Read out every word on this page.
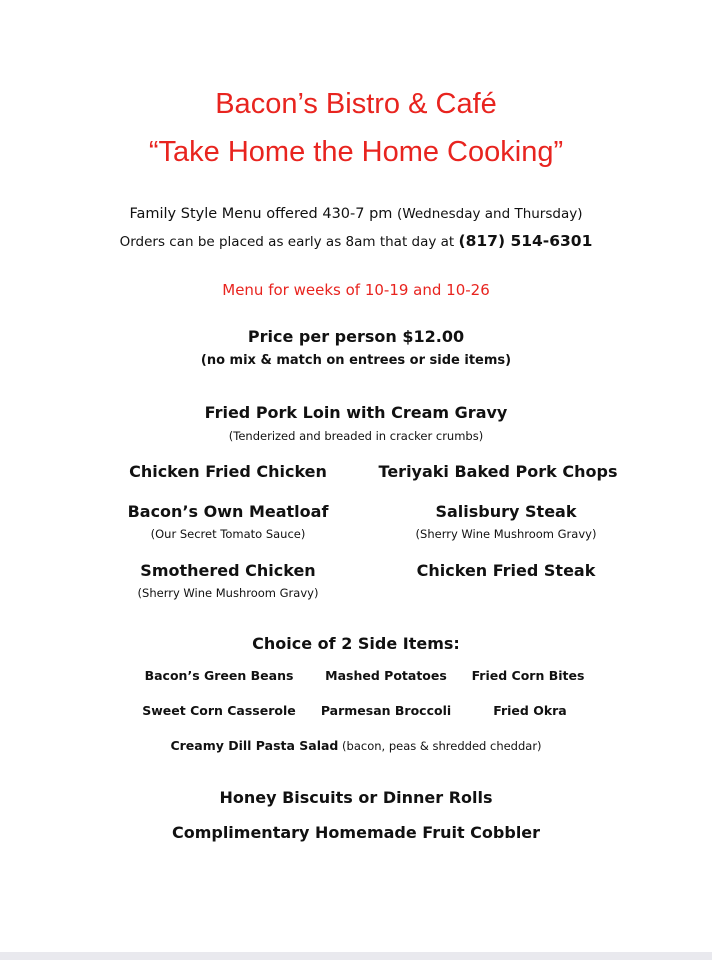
Bacon’s Bistro & Café
“Take Home the Home Cooking”
Family Style Menu offered 430-7 pm (Wednesday and Thursday)
Orders can be placed as early as 8am that day at (817) 514-6301
Menu for weeks of 10-19 and 10-26
Price per person $12.00
(no mix & match on entrees or side items)
Fried Pork Loin with Cream Gravy
(Tenderized and breaded in cracker crumbs)
Chicken Fried Chicken	Teriyaki Baked Pork Chops
Bacon’s Own Meatloaf
(Our Secret Tomato Sauce)
Salisbury Steak
(Sherry Wine Mushroom Gravy)
Smothered Chicken
(Sherry Wine Mushroom Gravy)
Chicken Fried Steak
Choice of 2 Side Items:
Bacon’s Green Beans	Mashed Potatoes	Fried Corn Bites
Sweet Corn Casserole	Parmesan Broccoli	Fried Okra
Creamy Dill Pasta Salad (bacon, peas & shredded cheddar)
Honey Biscuits or Dinner Rolls
Complimentary Homemade Fruit Cobbler
